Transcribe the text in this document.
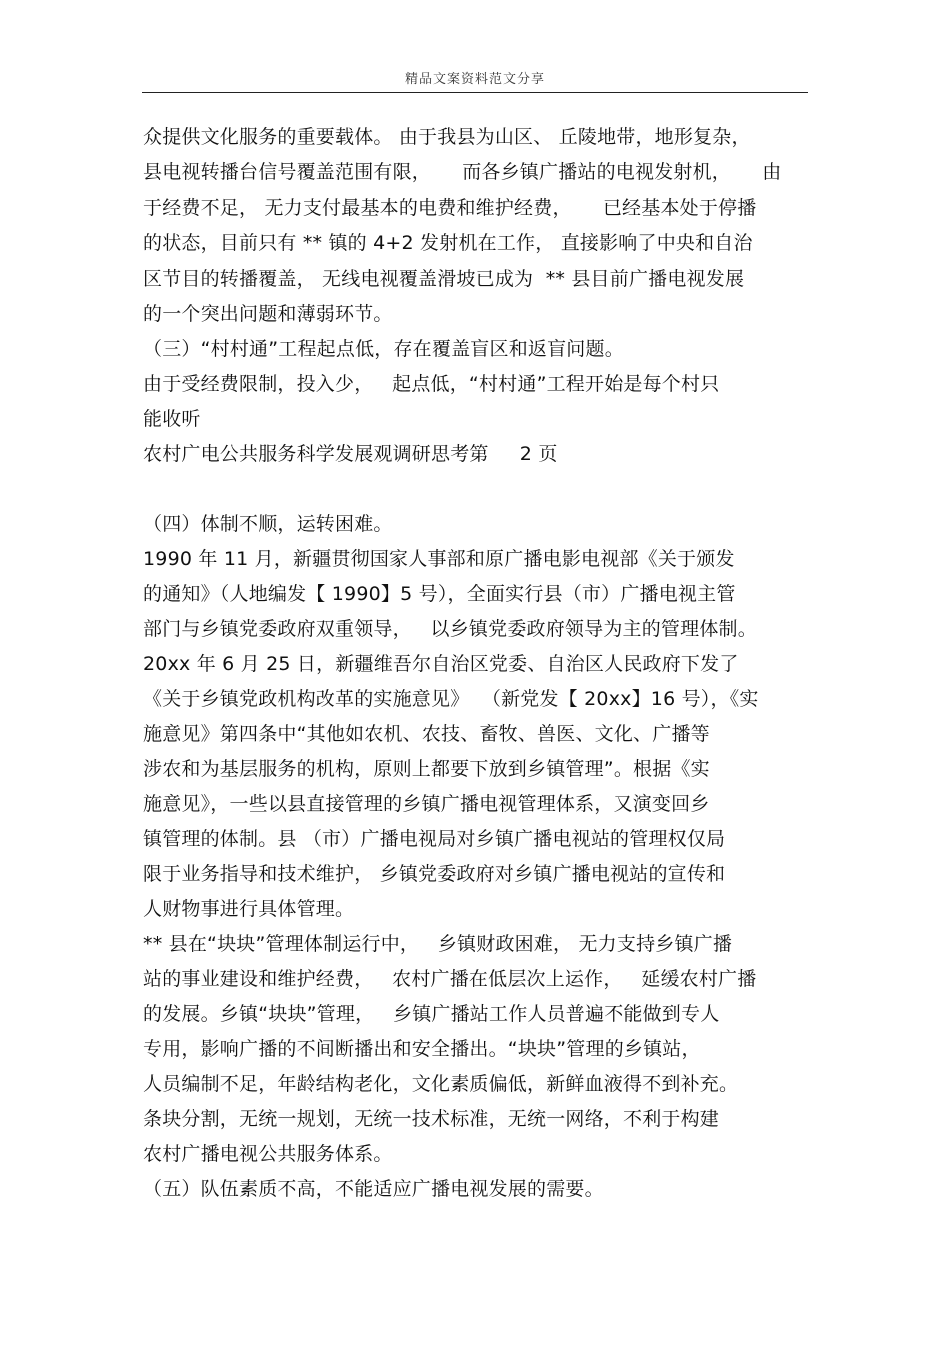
精品文案资料范文分享
众提供文化服务的重要载体。 由于我县为山区、 丘陵地带，地形复杂，
县电视转播台信号覆盖范围有限，     而各乡镇广播站的电视发射机，     由
于经费不足， 无力支付最基本的电费和维护经费，     已经基本处于停播
的状态，目前只有 ** 镇的 4+2 发射机在工作， 直接影响了中央和自治
区节目的转播覆盖， 无线电视覆盖滑坡已成为  ** 县目前广播电视发展
的一个突出问题和薄弱环节。
（三）“村村通”工程起点低，存在覆盖盲区和返盲问题。
由于受经费限制，投入少，   起点低，“村村通”工程开始是每个村只
能收听
农村广电公共服务科学发展观调研思考第     2 页
（四）体制不顺，运转困难。
1990 年 11 月，新疆贯彻国家人事部和原广播电影电视部《关于颁发
的通知》（人地编发【 1990】5 号），全面实行县（市）广播电视主管
部门与乡镇党委政府双重领导，   以乡镇党委政府领导为主的管理体制。
20xx 年 6 月 25 日，新疆维吾尔自治区党委、自治区人民政府下发了
《关于乡镇党政机构改革的实施意见》  （新党发【 20xx】16 号），《实
施意见》第四条中“其他如农机、农技、畜牧、兽医、文化、广播等
涉农和为基层服务的机构，原则上都要下放到乡镇管理”。根据《实
施意见》，一些以县直接管理的乡镇广播电视管理体系，又演变回乡
镇管理的体制。县 （市）广播电视局对乡镇广播电视站的管理权仅局
限于业务指导和技术维护， 乡镇党委政府对乡镇广播电视站的宣传和
人财物事进行具体管理。
** 县在“块块”管理体制运行中，   乡镇财政困难， 无力支持乡镇广播
站的事业建设和维护经费，   农村广播在低层次上运作，   延缓农村广播
的发展。乡镇“块块”管理，   乡镇广播站工作人员普遍不能做到专人
专用，影响广播的不间断播出和安全播出。“块块”管理的乡镇站，
人员编制不足，年龄结构老化，文化素质偏低，新鲜血液得不到补充。
条块分割，无统一规划，无统一技术标准，无统一网络，不利于构建
农村广播电视公共服务体系。
（五）队伍素质不高，不能适应广播电视发展的需要。
